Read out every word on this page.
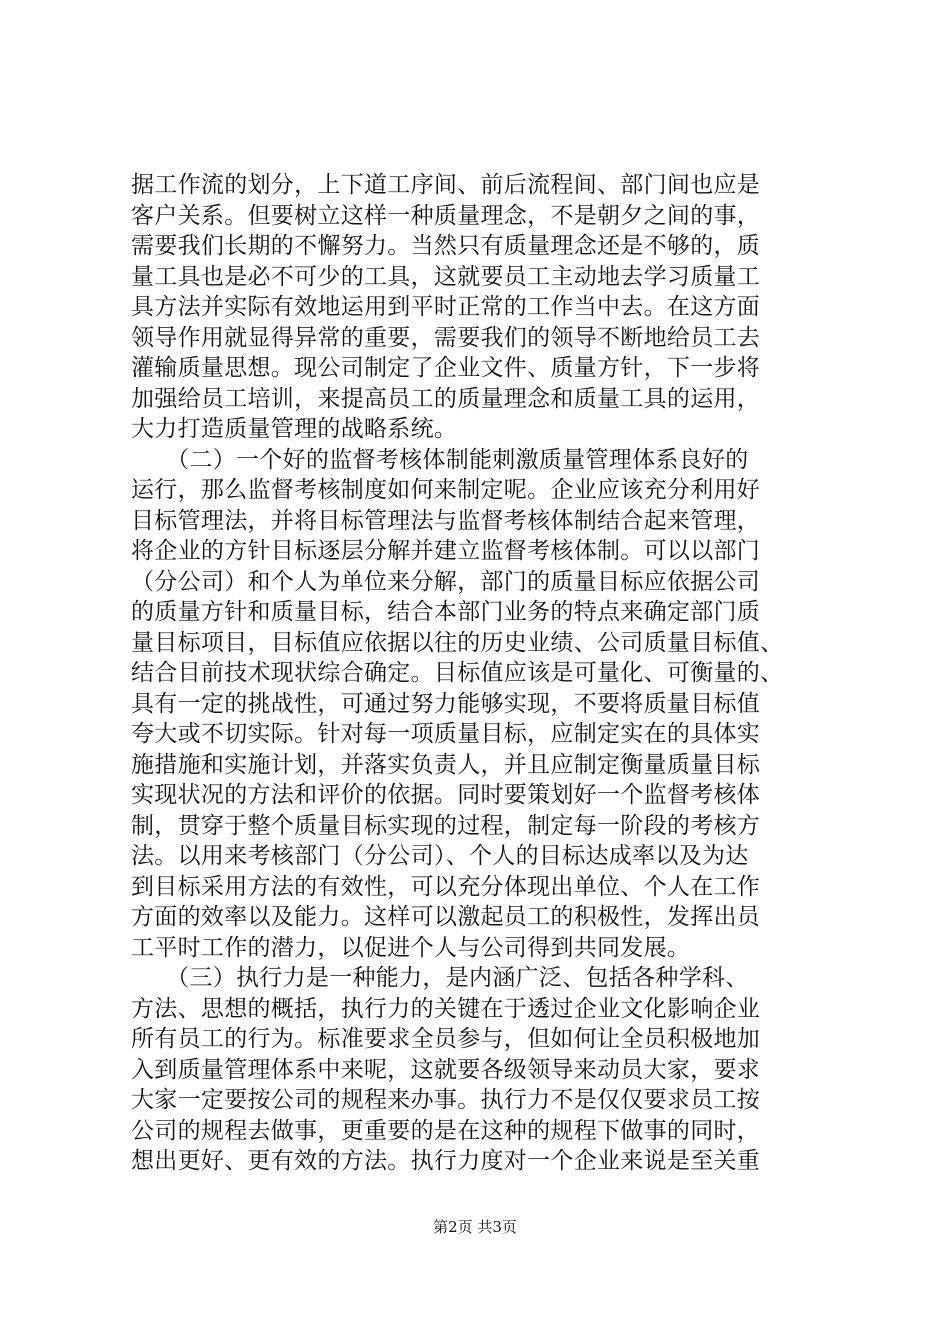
据工作流的划分，上下道工序间、前后流程间、部门间也应是
客户关系。但要树立这样一种质量理念，不是朝夕之间的事，
需要我们长期的不懈努力。当然只有质量理念还是不够的，质
量工具也是必不可少的工具，这就要员工主动地去学习质量工
具方法并实际有效地运用到平时正常的工作当中去。在这方面
领导作用就显得异常的重要，需要我们的领导不断地给员工去
灌输质量思想。现公司制定了企业文件、质量方针，下一步将
加强给员工培训，来提高员工的质量理念和质量工具的运用，
大力打造质量管理的战略系统。
　　（二）一个好的监督考核体制能刺激质量管理体系良好的
运行，那么监督考核制度如何来制定呢。企业应该充分利用好
目标管理法，并将目标管理法与监督考核体制结合起来管理，
将企业的方针目标逐层分解并建立监督考核体制。可以以部门
（分公司）和个人为单位来分解，部门的质量目标应依据公司
的质量方针和质量目标，结合本部门业务的特点来确定部门质
量目标项目，目标值应依据以往的历史业绩、公司质量目标值、
结合目前技术现状综合确定。目标值应该是可量化、可衡量的、
具有一定的挑战性，可通过努力能够实现，不要将质量目标值
夸大或不切实际。针对每一项质量目标，应制定实在的具体实
施措施和实施计划，并落实负责人，并且应制定衡量质量目标
实现状况的方法和评价的依据。同时要策划好一个监督考核体
制，贯穿于整个质量目标实现的过程，制定每一阶段的考核方
法。以用来考核部门（分公司）、个人的目标达成率以及为达
到目标采用方法的有效性，可以充分体现出单位、个人在工作
方面的效率以及能力。这样可以激起员工的积极性，发挥出员
工平时工作的潜力，以促进个人与公司得到共同发展。
　　（三）执行力是一种能力，是内涵广泛、包括各种学科、
方法、思想的概括，执行力的关键在于透过企业文化影响企业
所有员工的行为。标准要求全员参与，但如何让全员积极地加
入到质量管理体系中来呢，这就要各级领导来动员大家，要求
大家一定要按公司的规程来办事。执行力不是仅仅要求员工按
公司的规程去做事，更重要的是在这种的规程下做事的同时，
想出更好、更有效的方法。执行力度对一个企业来说是至关重
第2页 共3页
